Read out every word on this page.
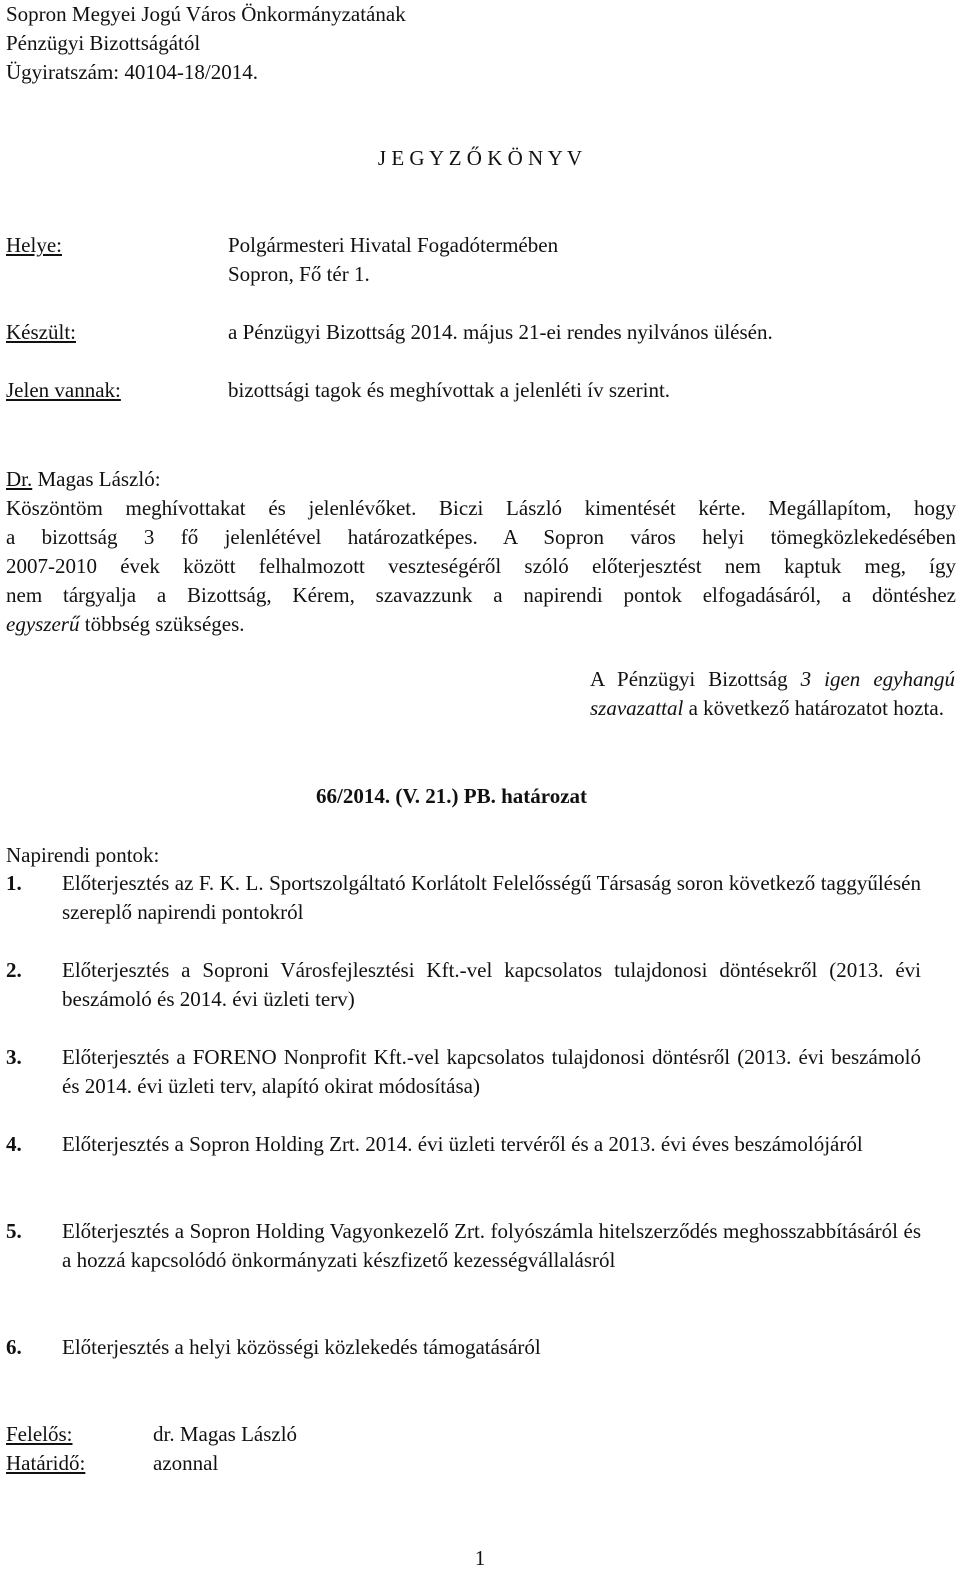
Sopron Megyei Jogú Város Önkormányzatának
Pénzügyi Bizottságától
Ügyiratszám: 40104-18/2014.
J E G Y Z Ő K Ö N Y V
Helye:	Polgármesteri Hivatal Fogadótermében
Sopron, Fő tér 1.
Készült:	a Pénzügyi Bizottság 2014. május 21-ei rendes nyilvános ülésén.
Jelen vannak:	bizottsági tagok és meghívottak a jelenléti ív szerint.
Dr. Magas László:
Köszöntöm meghívottakat és jelenlévőket. Biczi László kimentését kérte. Megállapítom, hogy
a bizottság 3 fő jelenlétével határozatképes. A Sopron város helyi tömegközlekedésében
2007-2010 évek között felhalmozott veszteségéről szóló előterjesztést nem kaptuk meg, így
nem tárgyalja a Bizottság, Kérem, szavazzunk a napirendi pontok elfogadásáról, a döntéshez
egyszerű többség szükséges.
A Pénzügyi Bizottság 3 igen egyhangú szavazattal a következő határozatot hozta.
66/2014. (V. 21.) PB. határozat
Napirendi pontok:
1. Előterjesztés az F. K. L. Sportszolgáltató Korlátolt Felelősségű Társaság soron következő taggyűlésén szereplő napirendi pontokról
2. Előterjesztés a Soproni Városfejlesztési Kft.-vel kapcsolatos tulajdonosi döntésekről (2013. évi beszámoló és 2014. évi üzleti terv)
3. Előterjesztés a FORENO Nonprofit Kft.-vel kapcsolatos tulajdonosi döntésről (2013. évi beszámoló és 2014. évi üzleti terv, alapító okirat módosítása)
4. Előterjesztés a Sopron Holding Zrt. 2014. évi üzleti tervéről és a 2013. évi éves beszámolójáról
5. Előterjesztés a Sopron Holding Vagyonkezelő Zrt. folyószámla hitelszerződés meghosszabbításáról és a hozzá kapcsolódó önkormányzati készfizető kezességvállalásról
6. Előterjesztés a helyi közösségi közlekedés támogatásáról
Felelős:	dr. Magas László
Határidő:	azonnal
1
